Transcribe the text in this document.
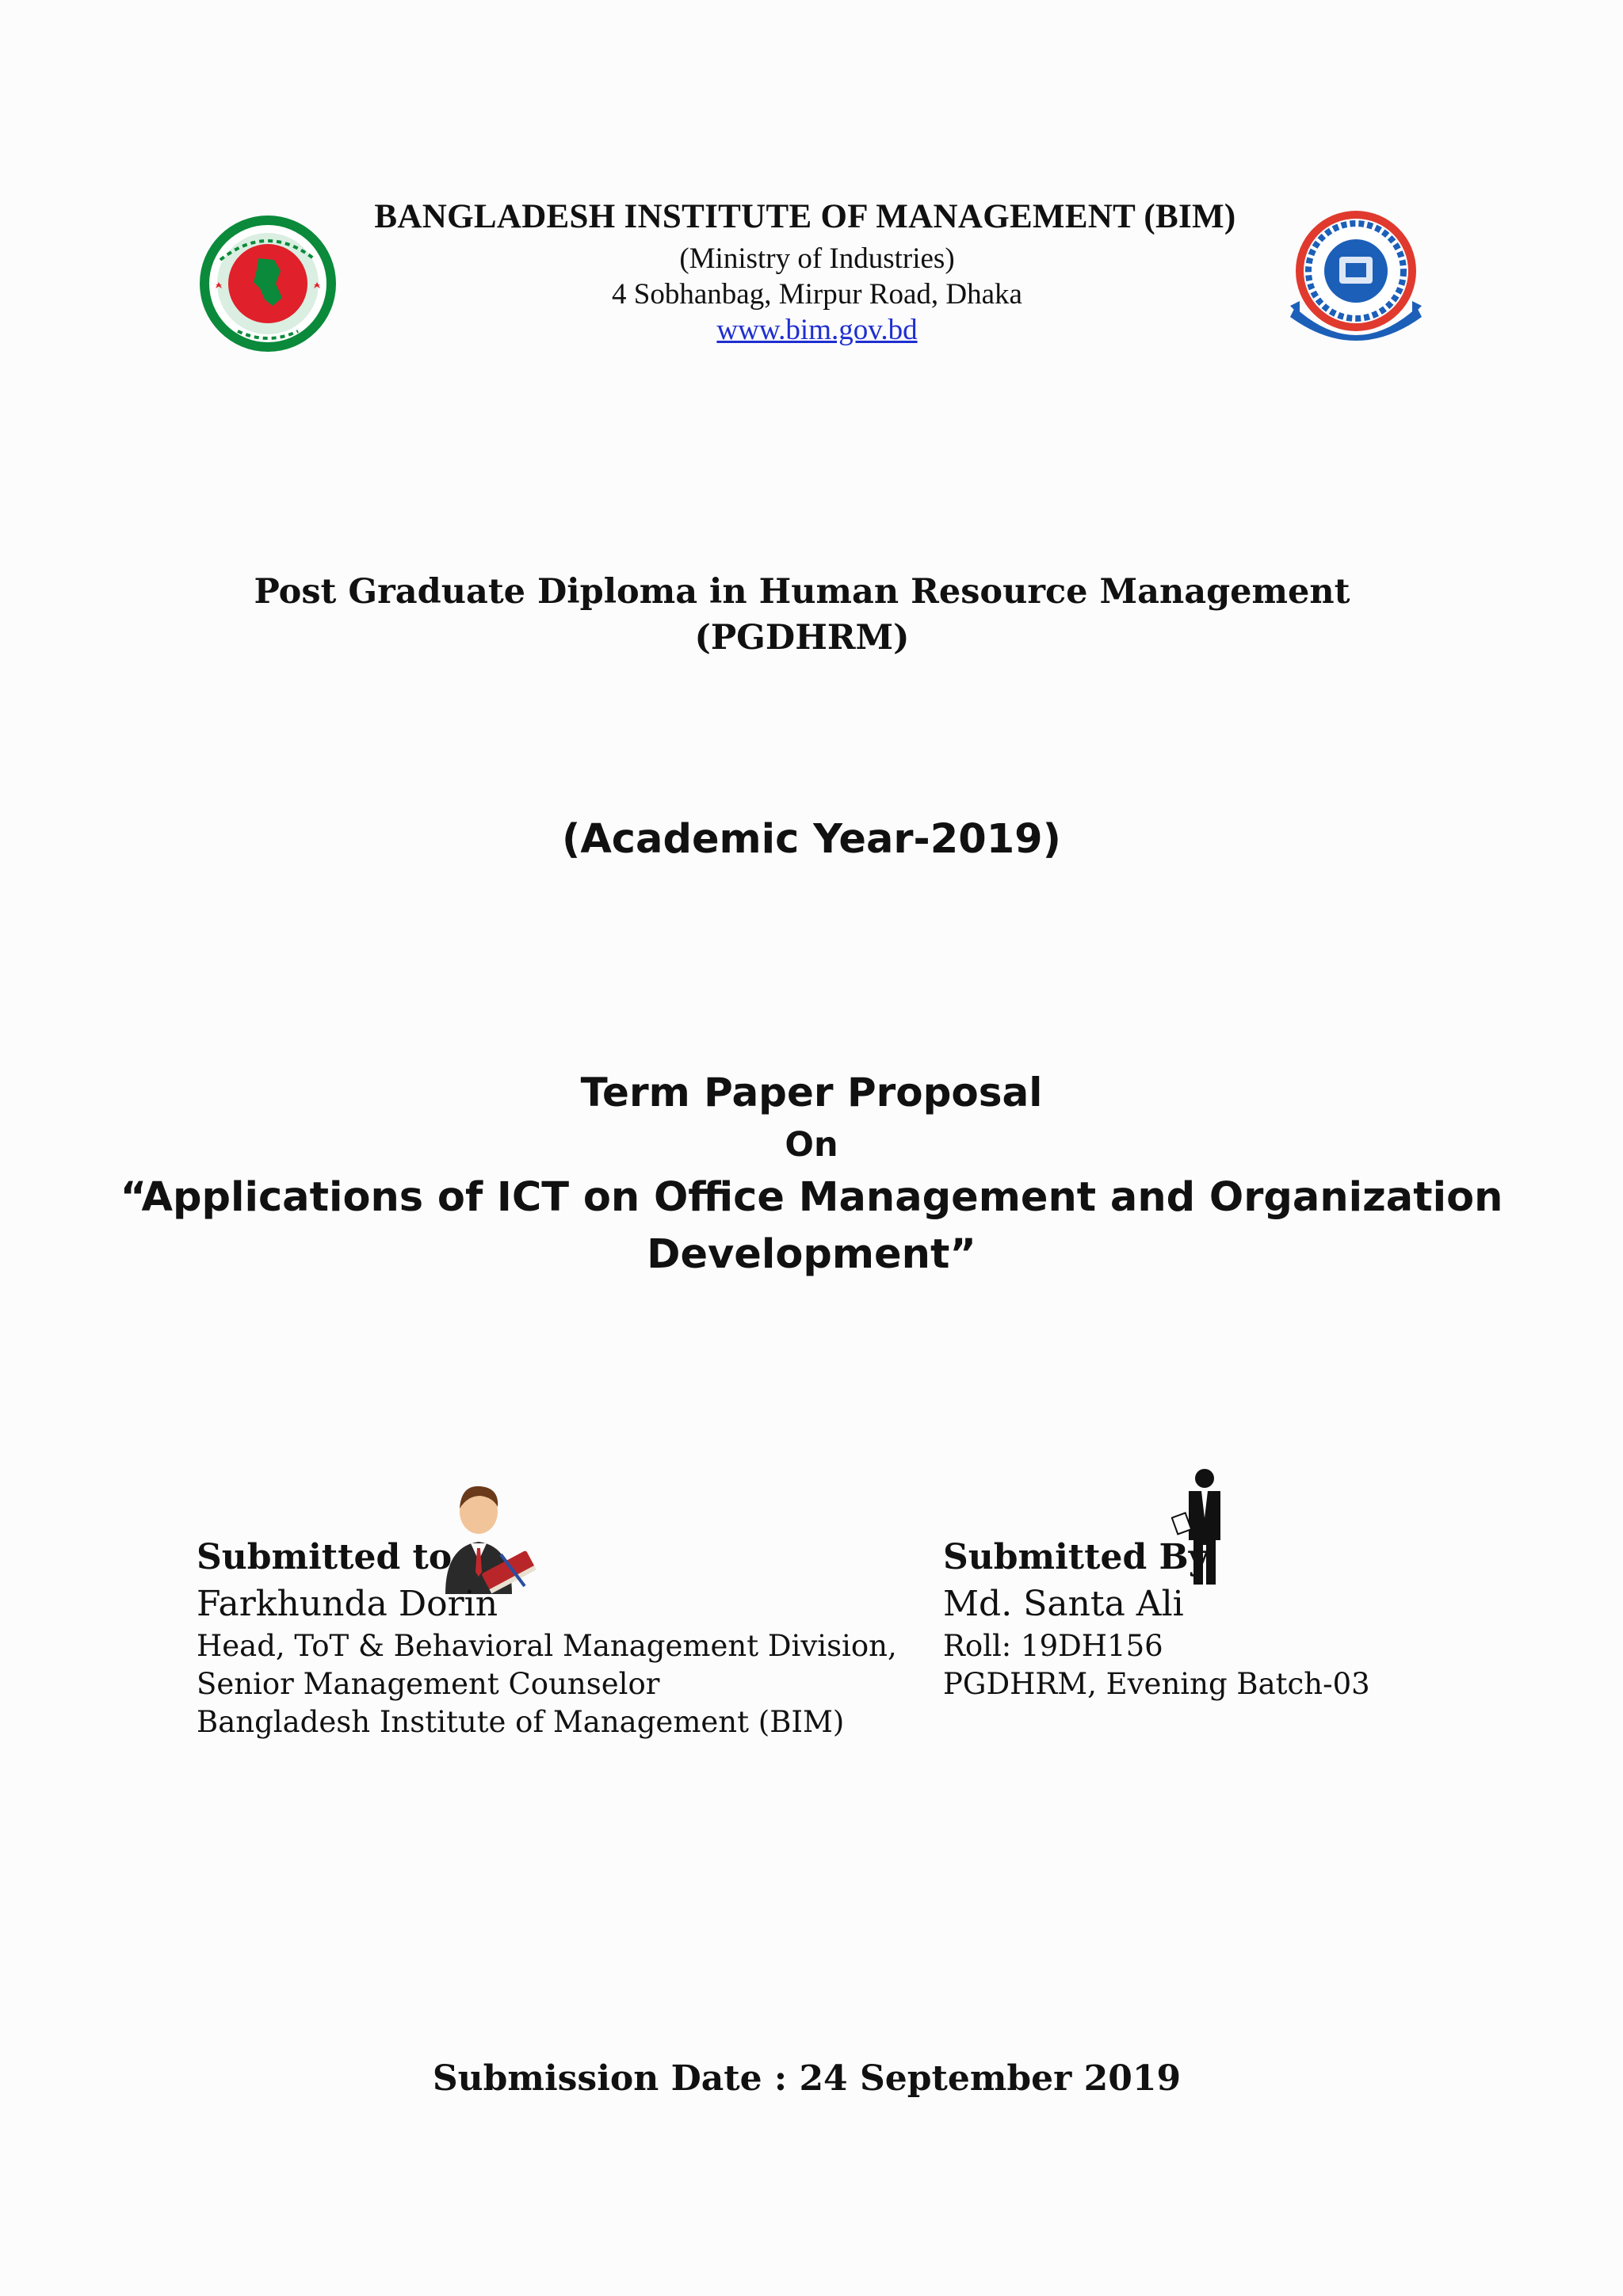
BANGLADESH INSTITUTE OF MANAGEMENT (BIM)
(Ministry of Industries)
4 Sobhanbag, Mirpur Road, Dhaka
www.bim.gov.bd
Post Graduate Diploma in Human Resource Management
(PGDHRM)
(Academic Year-2019)
Term Paper Proposal
On
“Applications of ICT on Office Management and Organization
Development”
Submitted to
Farkhunda Dorin
Head, ToT & Behavioral Management Division,
Senior Management Counselor
Bangladesh Institute of Management (BIM)
Submitted By
Md. Santa Ali
Roll: 19DH156
PGDHRM, Evening Batch-03
Submission Date : 24 September 2019
